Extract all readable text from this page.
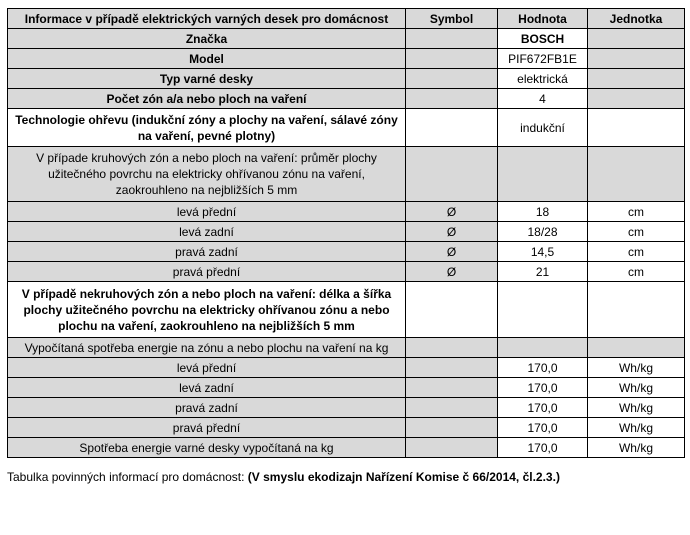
Informace v případě elektrických varných desek pro domácnost	Symbol	Hodnota	Jednotka
Značka		BOSCH	
Model		PIF672FB1E	
Typ varné desky		elektrická	
Počet zón a/a nebo ploch na vaření		4	
Technologie ohřevu (indukční zóny a plochy na vaření, sálavé zóny na vaření, pevné plotny)		indukční	
V případe kruhových zón a nebo ploch na vaření: průměr plochy užitečného povrchu na elektricky ohřívanou zónu na vaření, zaokrouhleno na nejbližších 5 mm			
levá přední	Ø	18	cm
levá zadní	Ø	18/28	cm
pravá zadní	Ø	14,5	cm
pravá přední	Ø	21	cm
V případě nekruhových zón a nebo ploch na vaření: délka a šířka plochy užitečného povrchu na elektricky ohřívanou zónu a nebo plochu na vaření, zaokrouhleno na nejbližších 5 mm			
Vypočítaná spotřeba energie na zónu a nebo plochu na vaření na kg			
levá přední		170,0	Wh/kg
levá zadní		170,0	Wh/kg
pravá zadní		170,0	Wh/kg
pravá přední		170,0	Wh/kg
Spotřeba energie varné desky vypočítaná na kg		170,0	Wh/kg
Tabulka povinných informací pro domácnost: (V smyslu ekodizajn Nařízení Komise č 66/2014, čl.2.3.)
